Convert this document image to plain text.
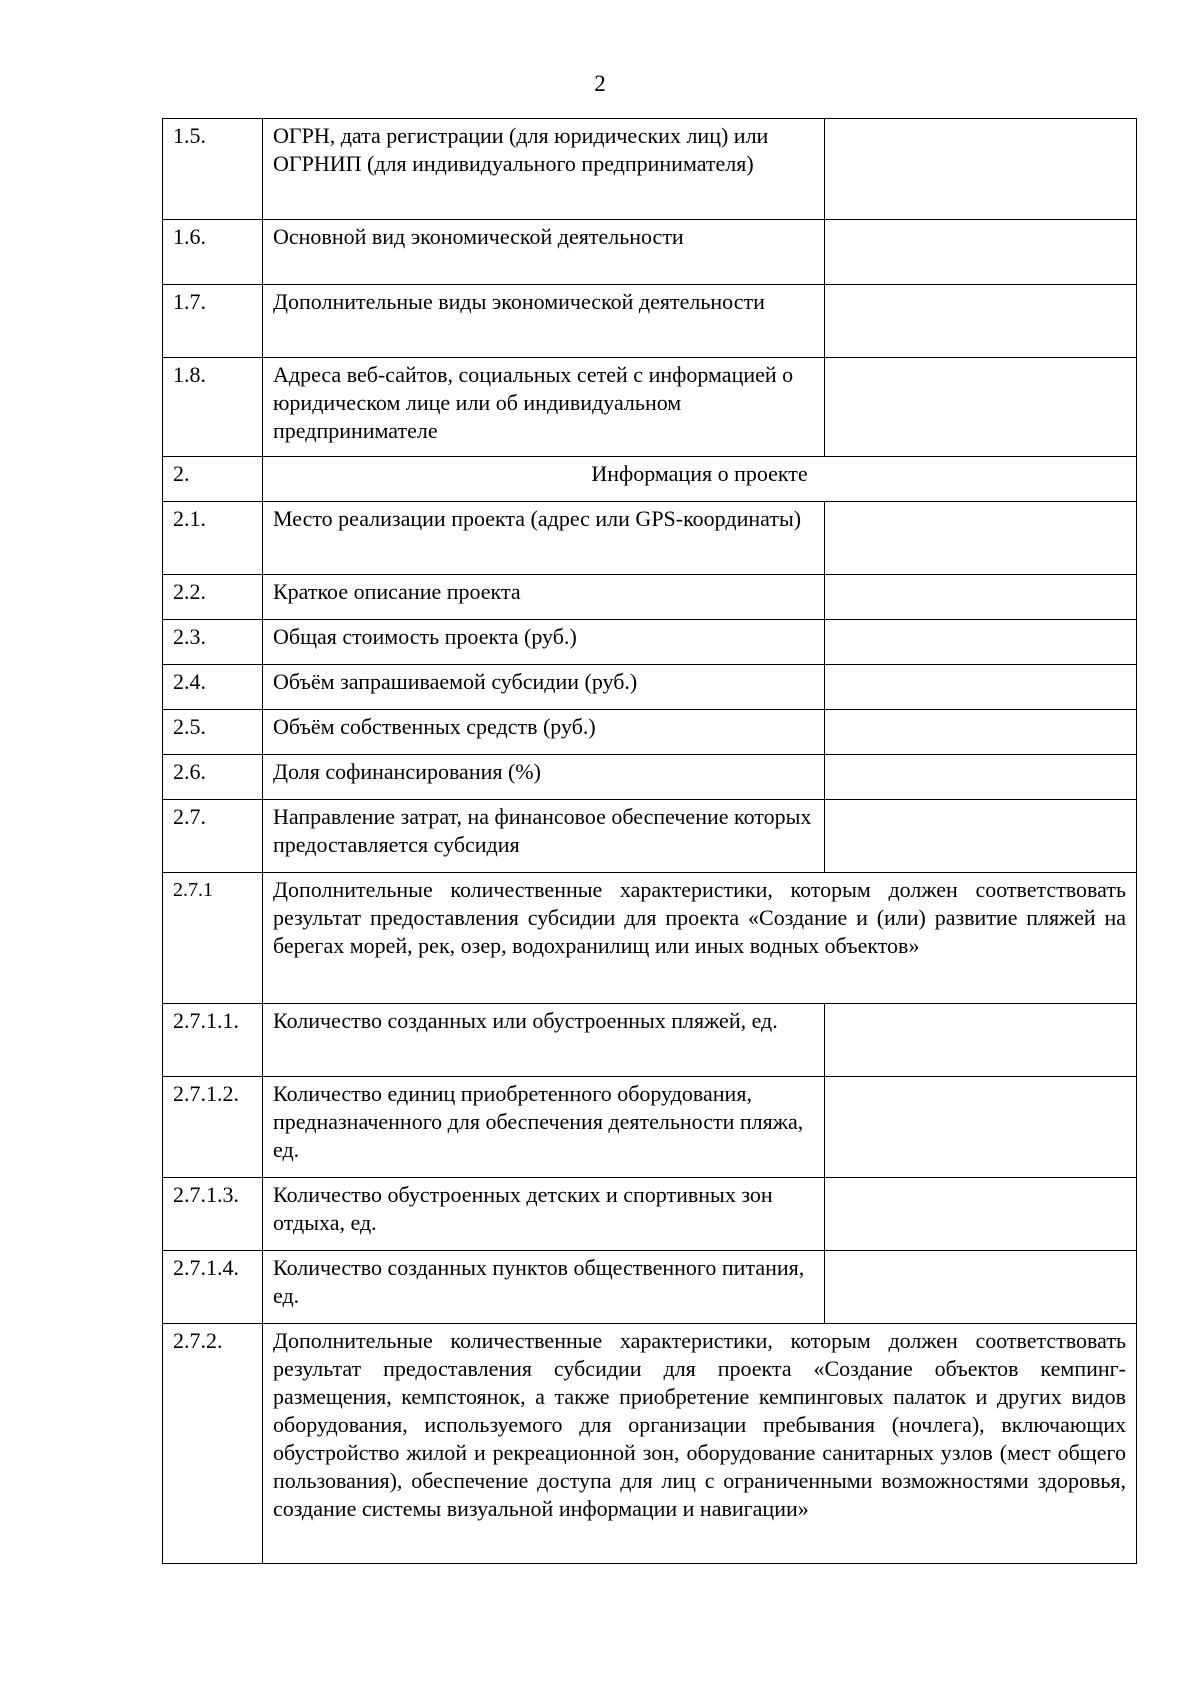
2
1.5.	ОГРН, дата регистрации (для юридических лиц) или ОГРНИП (для индивидуального предпринимателя)	
1.6.	Основной вид экономической деятельности	
1.7.	Дополнительные виды экономической деятельности	
1.8.	Адреса веб-сайтов, социальных сетей с информацией о юридическом лице или об индивидуальном предпринимателе	
2.	Информация о проекте	
2.1.	Место реализации проекта (адрес или GPS-координаты)	
2.2.	Краткое описание проекта	
2.3.	Общая стоимость проекта (руб.)	
2.4.	Объём запрашиваемой субсидии (руб.)	
2.5.	Объём собственных средств (руб.)	
2.6.	Доля софинансирования (%)	
2.7.	Направление затрат, на финансовое обеспечение которых предоставляется субсидия	
2.7.1	Дополнительные количественные характеристики, которым должен соответствовать результат предоставления субсидии для проекта «Создание и (или) развитие пляжей на берегах морей, рек, озер, водохранилищ или иных водных объектов»	
2.7.1.1.	Количество созданных или обустроенных пляжей, ед.	
2.7.1.2.	Количество единиц приобретенного оборудования, предназначенного для обеспечения деятельности пляжа, ед.	
2.7.1.3.	Количество обустроенных детских и спортивных зон отдыха, ед.	
2.7.1.4.	Количество созданных пунктов общественного питания, ед.	
2.7.2.	Дополнительные количественные характеристики, которым должен соответствовать результат предоставления субсидии для проекта «Создание объектов кемпинг-размещения, кемпстоянок, а также приобретение кемпинговых палаток и других видов оборудования, используемого для организации пребывания (ночлега), включающих обустройство жилой и рекреационной зон, оборудование санитарных узлов (мест общего пользования), обеспечение доступа для лиц с ограниченными возможностями здоровья, создание системы визуальной информации и навигации»	
